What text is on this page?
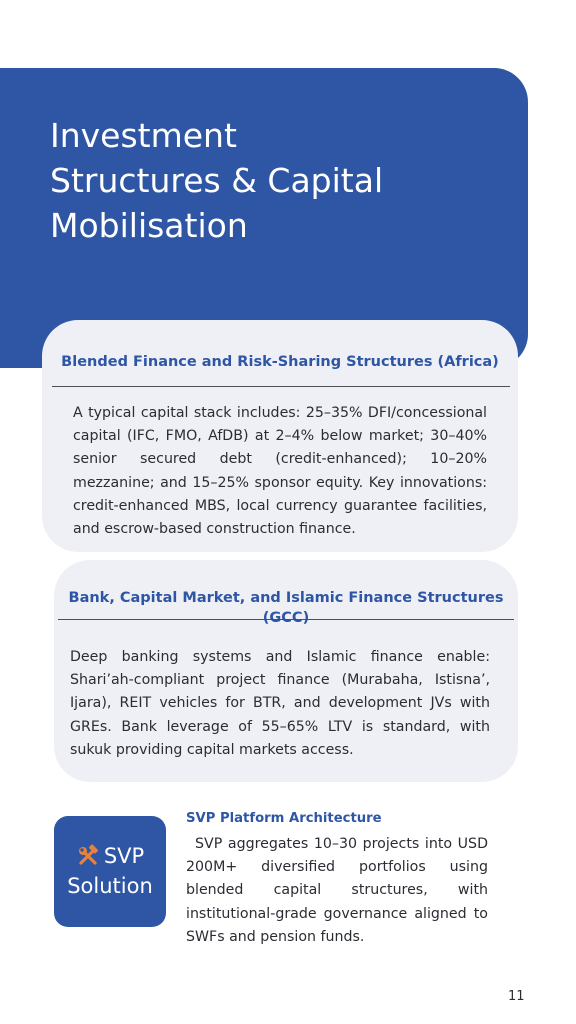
Investment
Structures & Capital
Mobilisation
Blended Finance and Risk-Sharing Structures (Africa)

A typical capital stack includes: 25–35% DFI/concessional capital (IFC, FMO, AfDB) at 2–4% below market; 30–40% senior secured debt (credit-enhanced); 10–20% mezzanine; and 15–25% sponsor equity. Key innovations: credit-enhanced MBS, local currency guarantee facilities, and escrow-based construction finance.

Bank, Capital Market, and Islamic Finance Structures (GCC)

Deep banking systems and Islamic finance enable: Shari’ah-compliant project finance (Murabaha, Istisna’, Ijara), REIT vehicles for BTR, and development JVs with GREs. Bank leverage of 55–65% LTV is standard, with sukuk providing capital markets access.

SVP
Solution
SVP Platform Architecture

SVP aggregates 10–30 projects into USD 200M+ diversified portfolios using blended capital structures, with institutional-grade governance aligned to SWFs and pension funds.

11
